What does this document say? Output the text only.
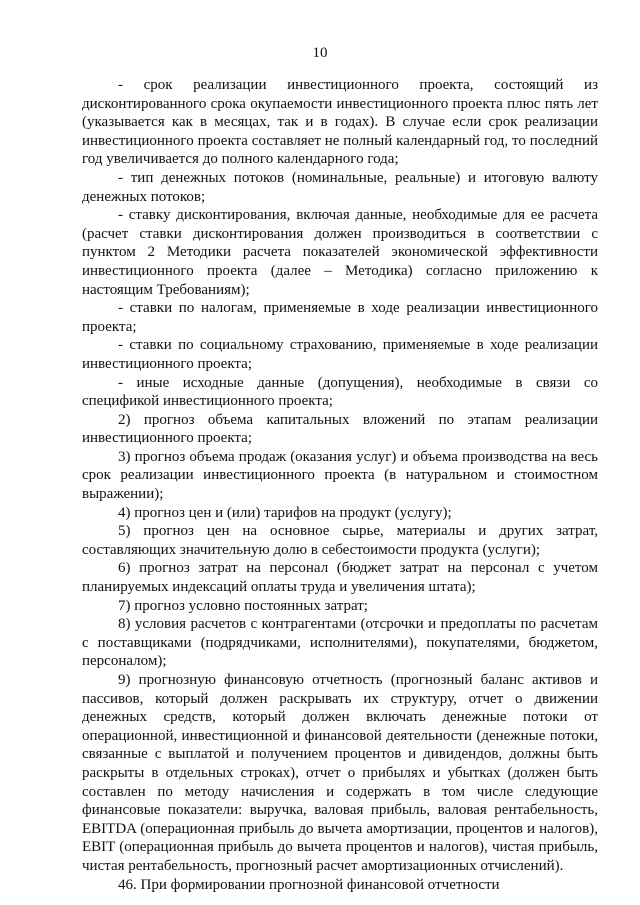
10

- срок реализации инвестиционного проекта, состоящий из дисконтированного срока окупаемости инвестиционного проекта плюс пять лет (указывается как в месяцах, так и в годах). В случае если срок реализации инвестиционного проекта составляет не полный календарный год, то последний год увеличивается до полного календарного года;

- тип денежных потоков (номинальные, реальные) и итоговую валюту денежных потоков;

- ставку дисконтирования, включая данные, необходимые для ее расчета (расчет ставки дисконтирования должен производиться в соответствии с пунктом 2 Методики расчета показателей экономической эффективности инвестиционного проекта (далее – Методика) согласно приложению к настоящим Требованиям);

- ставки по налогам, применяемые в ходе реализации инвестиционного проекта;

- ставки по социальному страхованию, применяемые в ходе реализации инвестиционного проекта;

- иные исходные данные (допущения), необходимые в связи со спецификой инвестиционного проекта;

2) прогноз объема капитальных вложений по этапам реализации инвестиционного проекта;

3) прогноз объема продаж (оказания услуг) и объема производства на весь срок реализации инвестиционного проекта (в натуральном и стоимостном выражении);

4) прогноз цен и (или) тарифов на продукт (услугу);

5) прогноз цен на основное сырье, материалы и других затрат, составляющих значительную долю в себестоимости продукта (услуги);

6) прогноз затрат на персонал (бюджет затрат на персонал с учетом планируемых индексаций оплаты труда и увеличения штата);

7) прогноз условно постоянных затрат;

8) условия расчетов с контрагентами (отсрочки и предоплаты по расчетам с поставщиками (подрядчиками, исполнителями), покупателями, бюджетом, персоналом);

9) прогнозную финансовую отчетность (прогнозный баланс активов и пассивов, который должен раскрывать их структуру, отчет о движении денежных средств, который должен включать денежные потоки от операционной, инвестиционной и финансовой деятельности (денежные потоки, связанные с выплатой и получением процентов и дивидендов, должны быть раскрыты в отдельных строках), отчет о прибылях и убытках (должен быть составлен по методу начисления и содержать в том числе следующие финансовые показатели: выручка, валовая прибыль, валовая рентабельность, EBITDA (операционная прибыль до вычета амортизации, процентов и налогов), EBIT (операционная прибыль до вычета процентов и налогов), чистая прибыль, чистая рентабельность, прогнозный расчет амортизационных отчислений).

46. При формировании прогнозной финансовой отчетности
